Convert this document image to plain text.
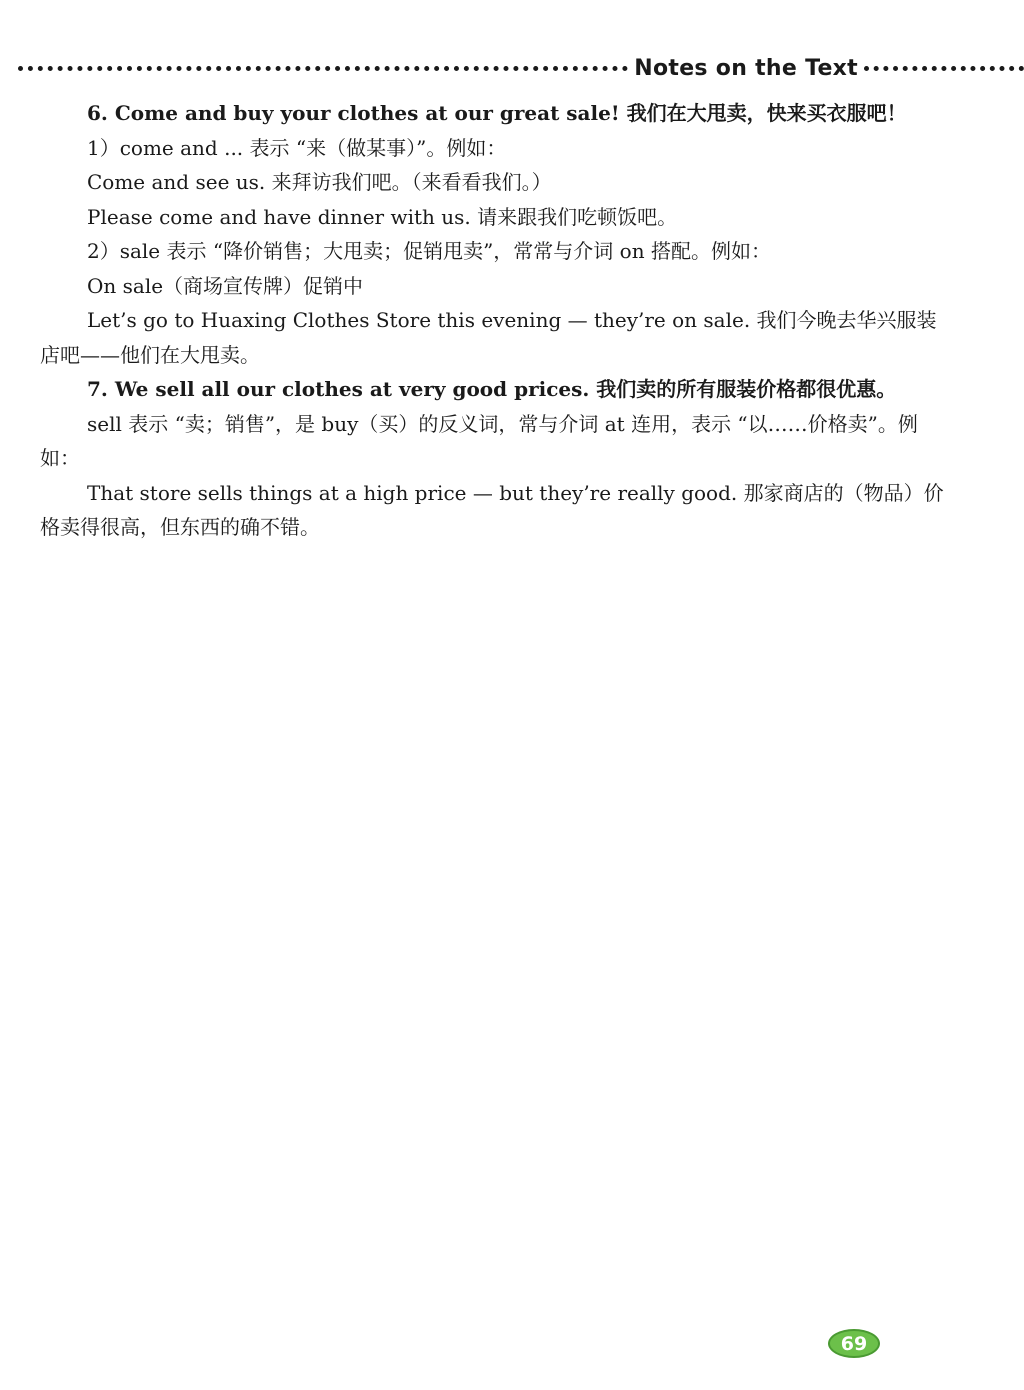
Notes on the Text

6. Come and buy your clothes at our great sale! 我们在大甩卖，快来买衣服吧！

1）come and ... 表示 “来（做某事）”。例如：

Come and see us. 来拜访我们吧。（来看看我们。）

Please come and have dinner with us. 请来跟我们吃顿饭吧。

2）sale 表示 “降价销售；大甩卖；促销甩卖”，常常与介词 on 搭配。例如：

On sale（商场宣传牌）促销中

Let’s go to Huaxing Clothes Store this evening — they’re on sale. 我们今晚去华兴服装店吧——他们在大甩卖。

7. We sell all our clothes at very good prices. 我们卖的所有服装价格都很优惠。

sell 表示 “卖；销售”，是 buy（买）的反义词，常与介词 at 连用，表示 “以……价格卖”。例如：

That store sells things at a high price — but they’re really good. 那家商店的（物品）价格卖得很高，但东西的确不错。

69
